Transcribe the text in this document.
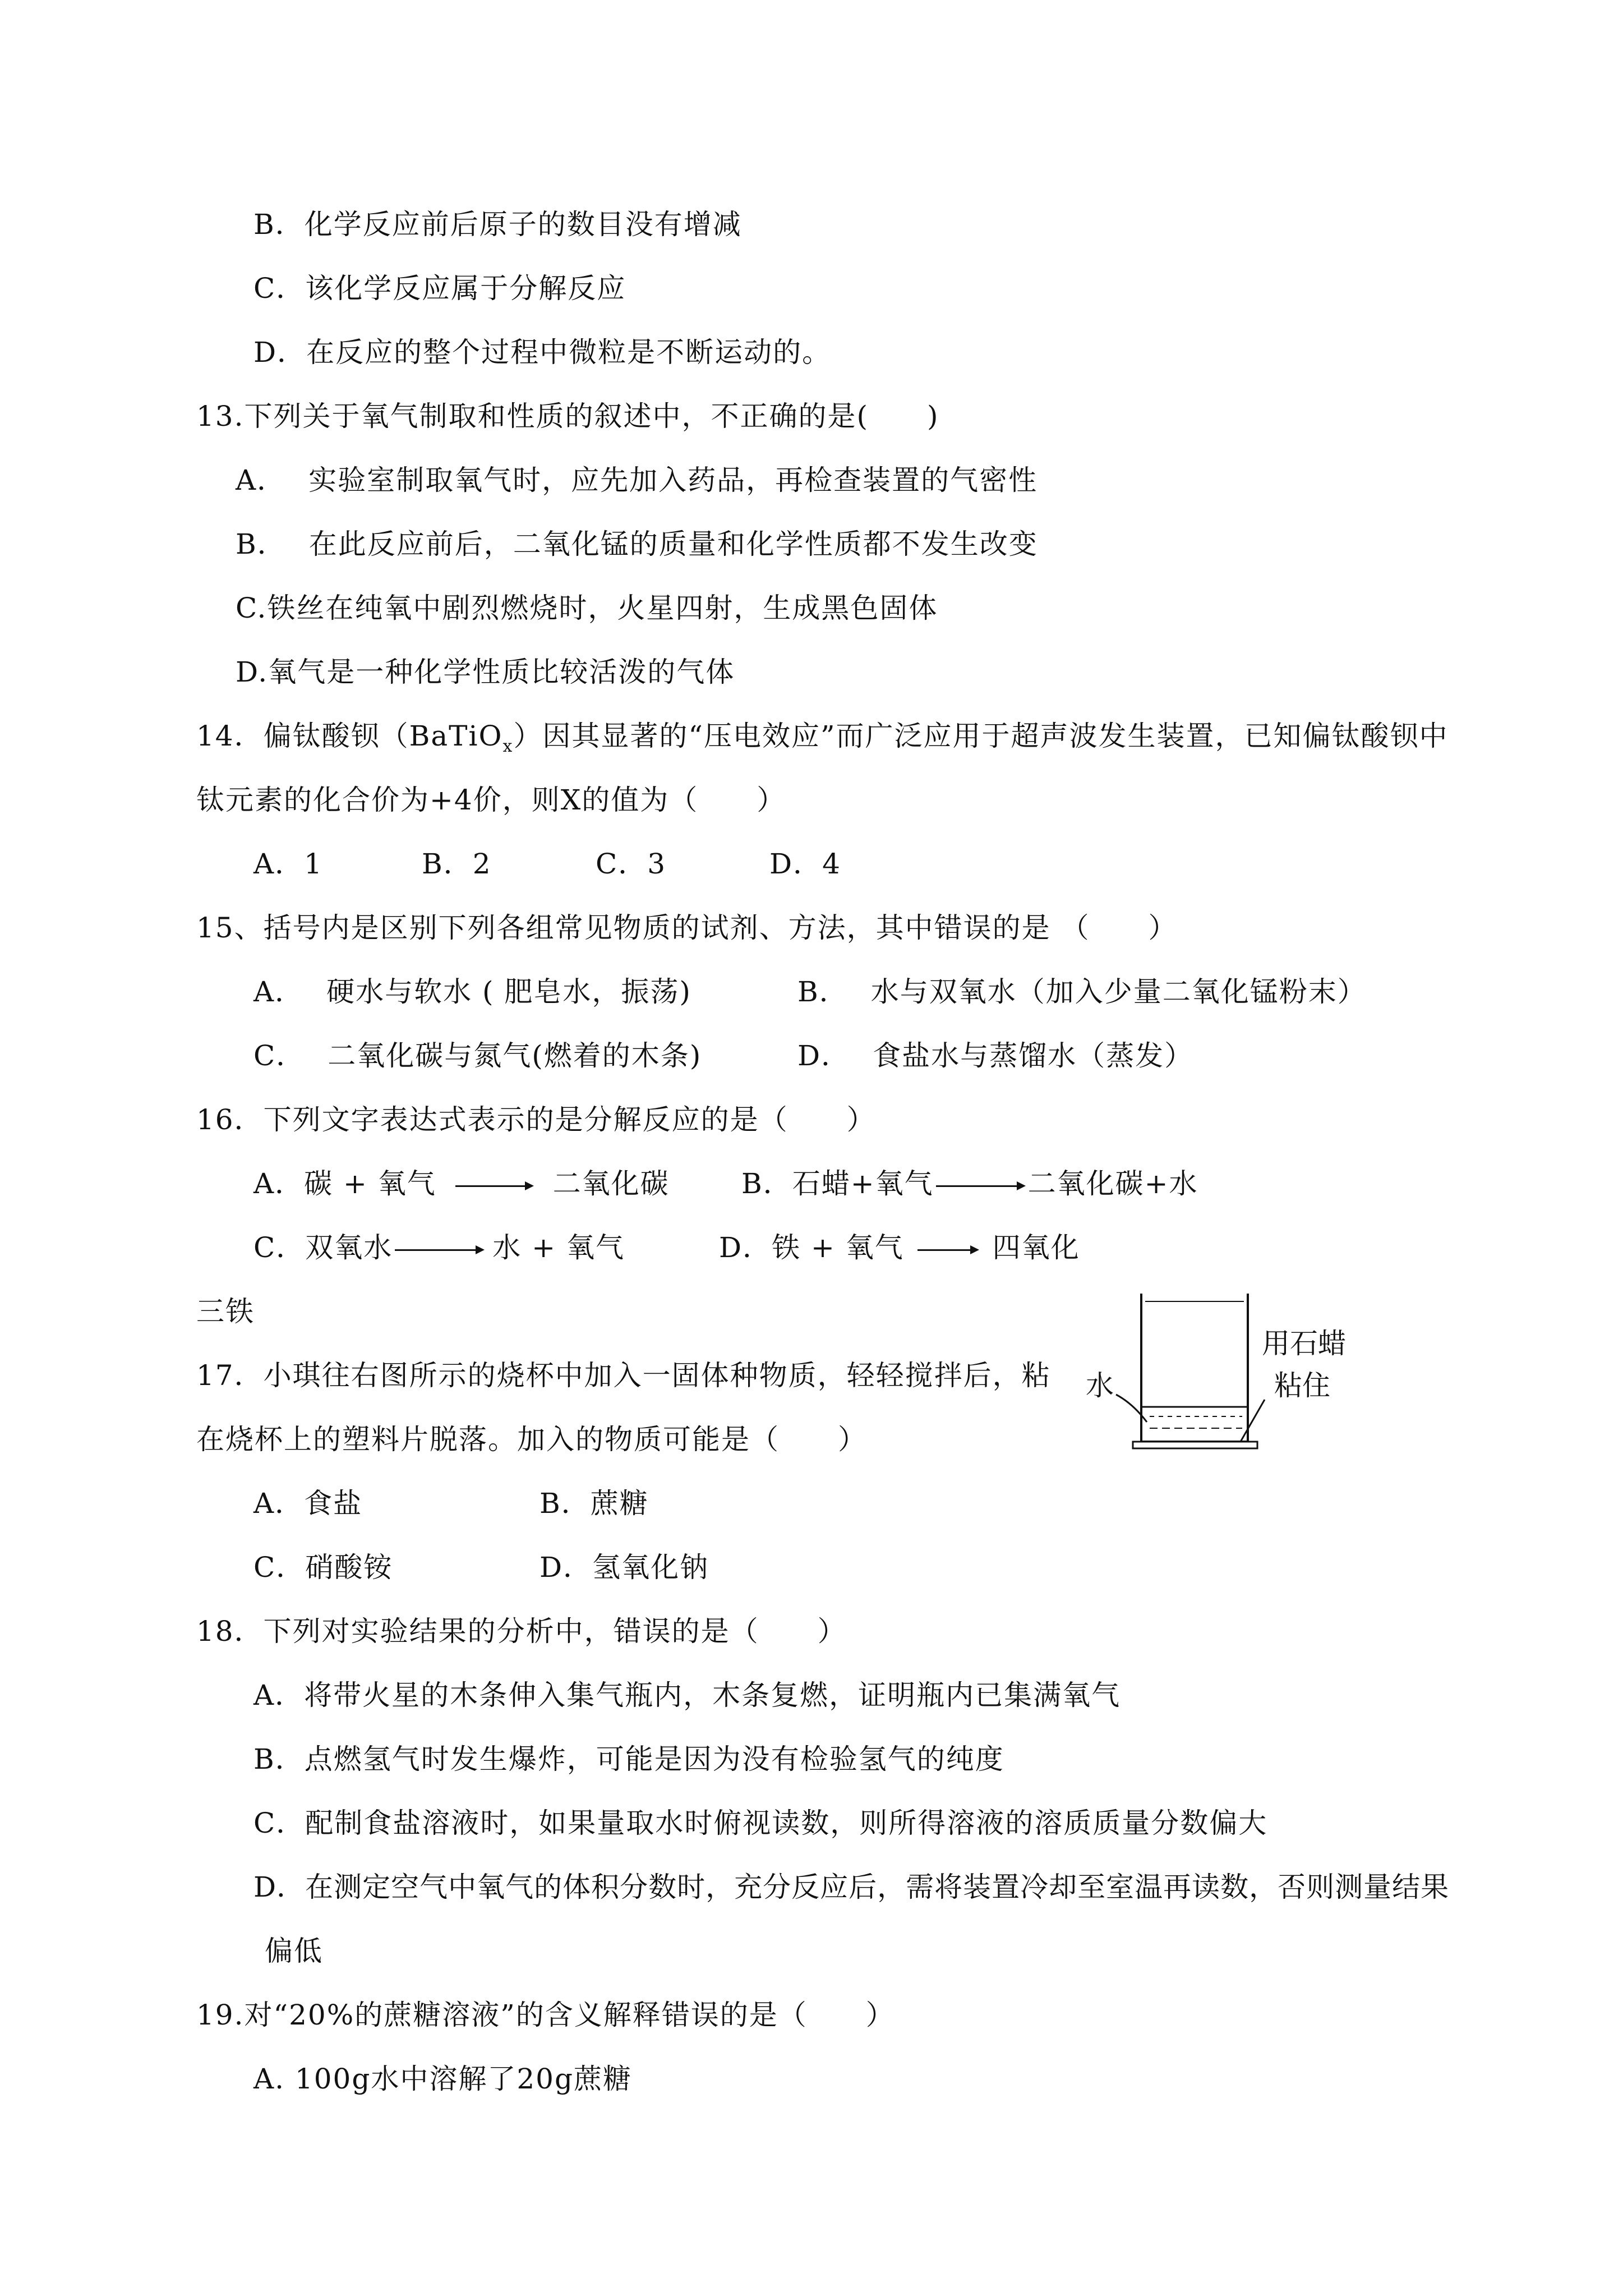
B．化学反应前后原子的数目没有增减
C．该化学反应属于分解反应
D．在反应的整个过程中微粒是不断运动的。
13.下列关于氧气制取和性质的叙述中，不正确的是(　　)
A． 实验室制取氧气时，应先加入药品，再检查装置的气密性
B． 在此反应前后，二氧化锰的质量和化学性质都不发生改变
C.铁丝在纯氧中剧烈燃烧时，火星四射，生成黑色固体
D.氧气是一种化学性质比较活泼的气体
14．偏钛酸钡（BaTiO$_x$）因其显著的“压电效应”而广泛应用于超声波发生装置，已知偏钛酸钡中
钛元素的化合价为+4价，则X的值为（　　）
A．1	B．2	C．3	D．4
15、括号内是区别下列各组常见物质的试剂、方法，其中错误的是 （　　）
A． 硬水与软水 ( 肥皂水，振荡)	B． 水与双氧水（加入少量二氧化锰粉末）
C． 二氧化碳与氮气(燃着的木条)	D． 食盐水与蒸馏水（蒸发）
16．下列文字表达式表示的是分解反应的是（　　）
A．碳 + 氧气	二氧化碳	B．石蜡+氧气	二氧化碳+水
C．双氧水	水 + 氧气	D．铁 + 氧气	四氧化
三铁
17．小琪往右图所示的烧杯中加入一固体种物质，轻轻搅拌后，粘
在烧杯上的塑料片脱落。加入的物质可能是（　　）
A．食盐	B．蔗糖
C．硝酸铵	D．氢氧化钠
水
用石蜡
粘住
18．下列对实验结果的分析中，错误的是（　　）
A．将带火星的木条伸入集气瓶内，木条复燃，证明瓶内已集满氧气
B．点燃氢气时发生爆炸，可能是因为没有检验氢气的纯度
C．配制食盐溶液时，如果量取水时俯视读数，则所得溶液的溶质质量分数偏大
D．在测定空气中氧气的体积分数时，充分反应后，需将装置冷却至室温再读数，否则测量结果
偏低
19.对“20%的蔗糖溶液”的含义解释错误的是（　　）
A. 100g水中溶解了20g蔗糖
